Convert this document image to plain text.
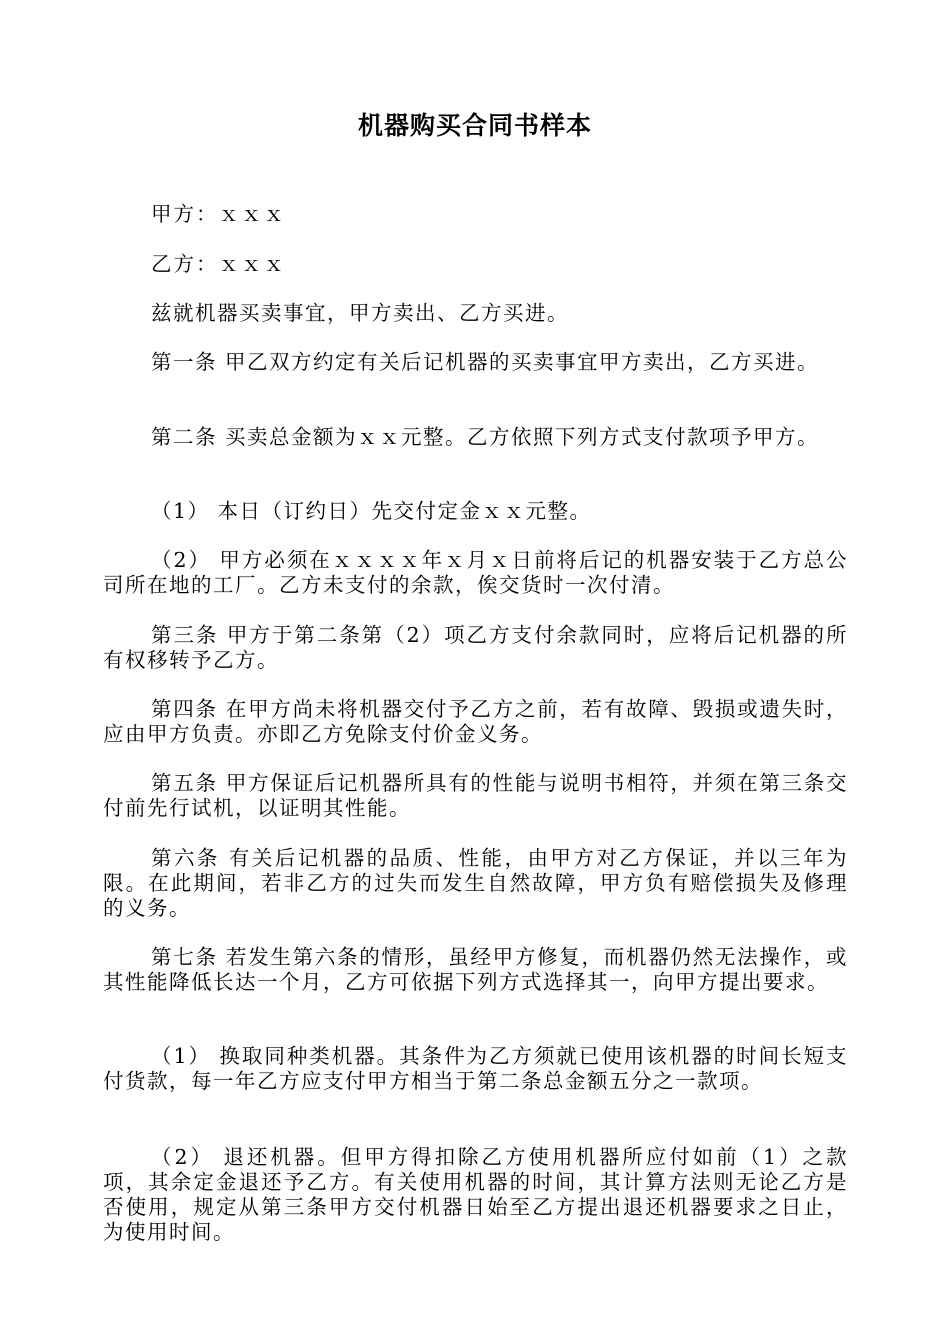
机器购买合同书样本

甲方：ｘｘｘ

乙方：ｘｘｘ

兹就机器买卖事宜，甲方卖出、乙方买进。

第一条 甲乙双方约定有关后记机器的买卖事宜甲方卖出，乙方买进。

第二条 买卖总金额为ｘｘ元整。乙方依照下列方式支付款项予甲方。

（1） 本日（订约日）先交付定金ｘｘ元整。

（2） 甲方必须在ｘｘｘｘ年ｘ月ｘ日前将后记的机器安装于乙方总公司所在地的工厂。乙方未支付的余款，俟交货时一次付清。

第三条 甲方于第二条第（2）项乙方支付余款同时，应将后记机器的所有权移转予乙方。

第四条 在甲方尚未将机器交付予乙方之前，若有故障、毁损或遗失时，应由甲方负责。亦即乙方免除支付价金义务。

第五条 甲方保证后记机器所具有的性能与说明书相符，并须在第三条交付前先行试机，以证明其性能。

第六条 有关后记机器的品质、性能，由甲方对乙方保证，并以三年为限。在此期间，若非乙方的过失而发生自然故障，甲方负有赔偿损失及修理的义务。

第七条 若发生第六条的情形，虽经甲方修复，而机器仍然无法操作，或其性能降低长达一个月，乙方可依据下列方式选择其一，向甲方提出要求。

（1） 换取同种类机器。其条件为乙方须就已使用该机器的时间长短支付货款，每一年乙方应支付甲方相当于第二条总金额五分之一款项。

（2） 退还机器。但甲方得扣除乙方使用机器所应付如前（1）之款项，其余定金退还予乙方。有关使用机器的时间，其计算方法则无论乙方是否使用，规定从第三条甲方交付机器日始至乙方提出退还机器要求之日止，为使用时间。
